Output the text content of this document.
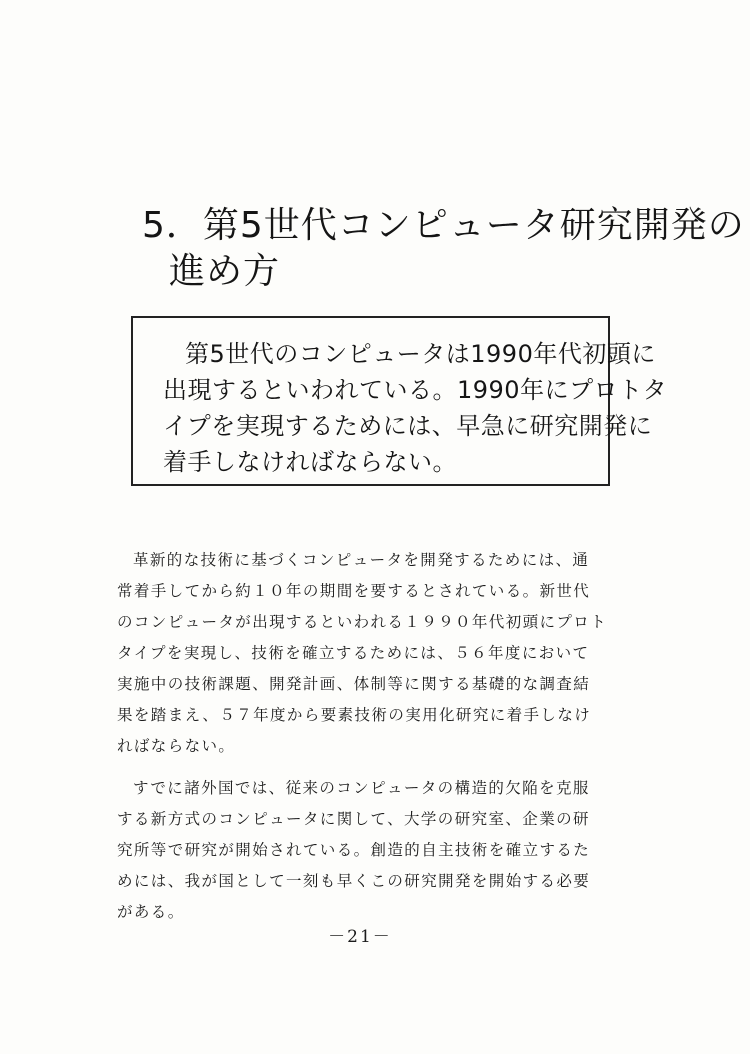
5．第5世代コンピュータ研究開発の
進め方
第5世代のコンピュータは1990年代初頭に
出現するといわれている。1990年にプロトタ
イプを実現するためには、早急に研究開発に
着手しなければならない。
革新的な技術に基づくコンピュータを開発するためには、通
常着手してから約１０年の期間を要するとされている。新世代
のコンピュータが出現するといわれる１９９０年代初頭にプロト
タイプを実現し、技術を確立するためには、５６年度において
実施中の技術課題、開発計画、体制等に関する基礎的な調査結
果を踏まえ、５７年度から要素技術の実用化研究に着手しなけ
ればならない。
すでに諸外国では、従来のコンピュータの構造的欠陥を克服
する新方式のコンピュータに関して、大学の研究室、企業の研
究所等で研究が開始されている。創造的自主技術を確立するた
めには、我が国として一刻も早くこの研究開発を開始する必要
がある。
－21－
